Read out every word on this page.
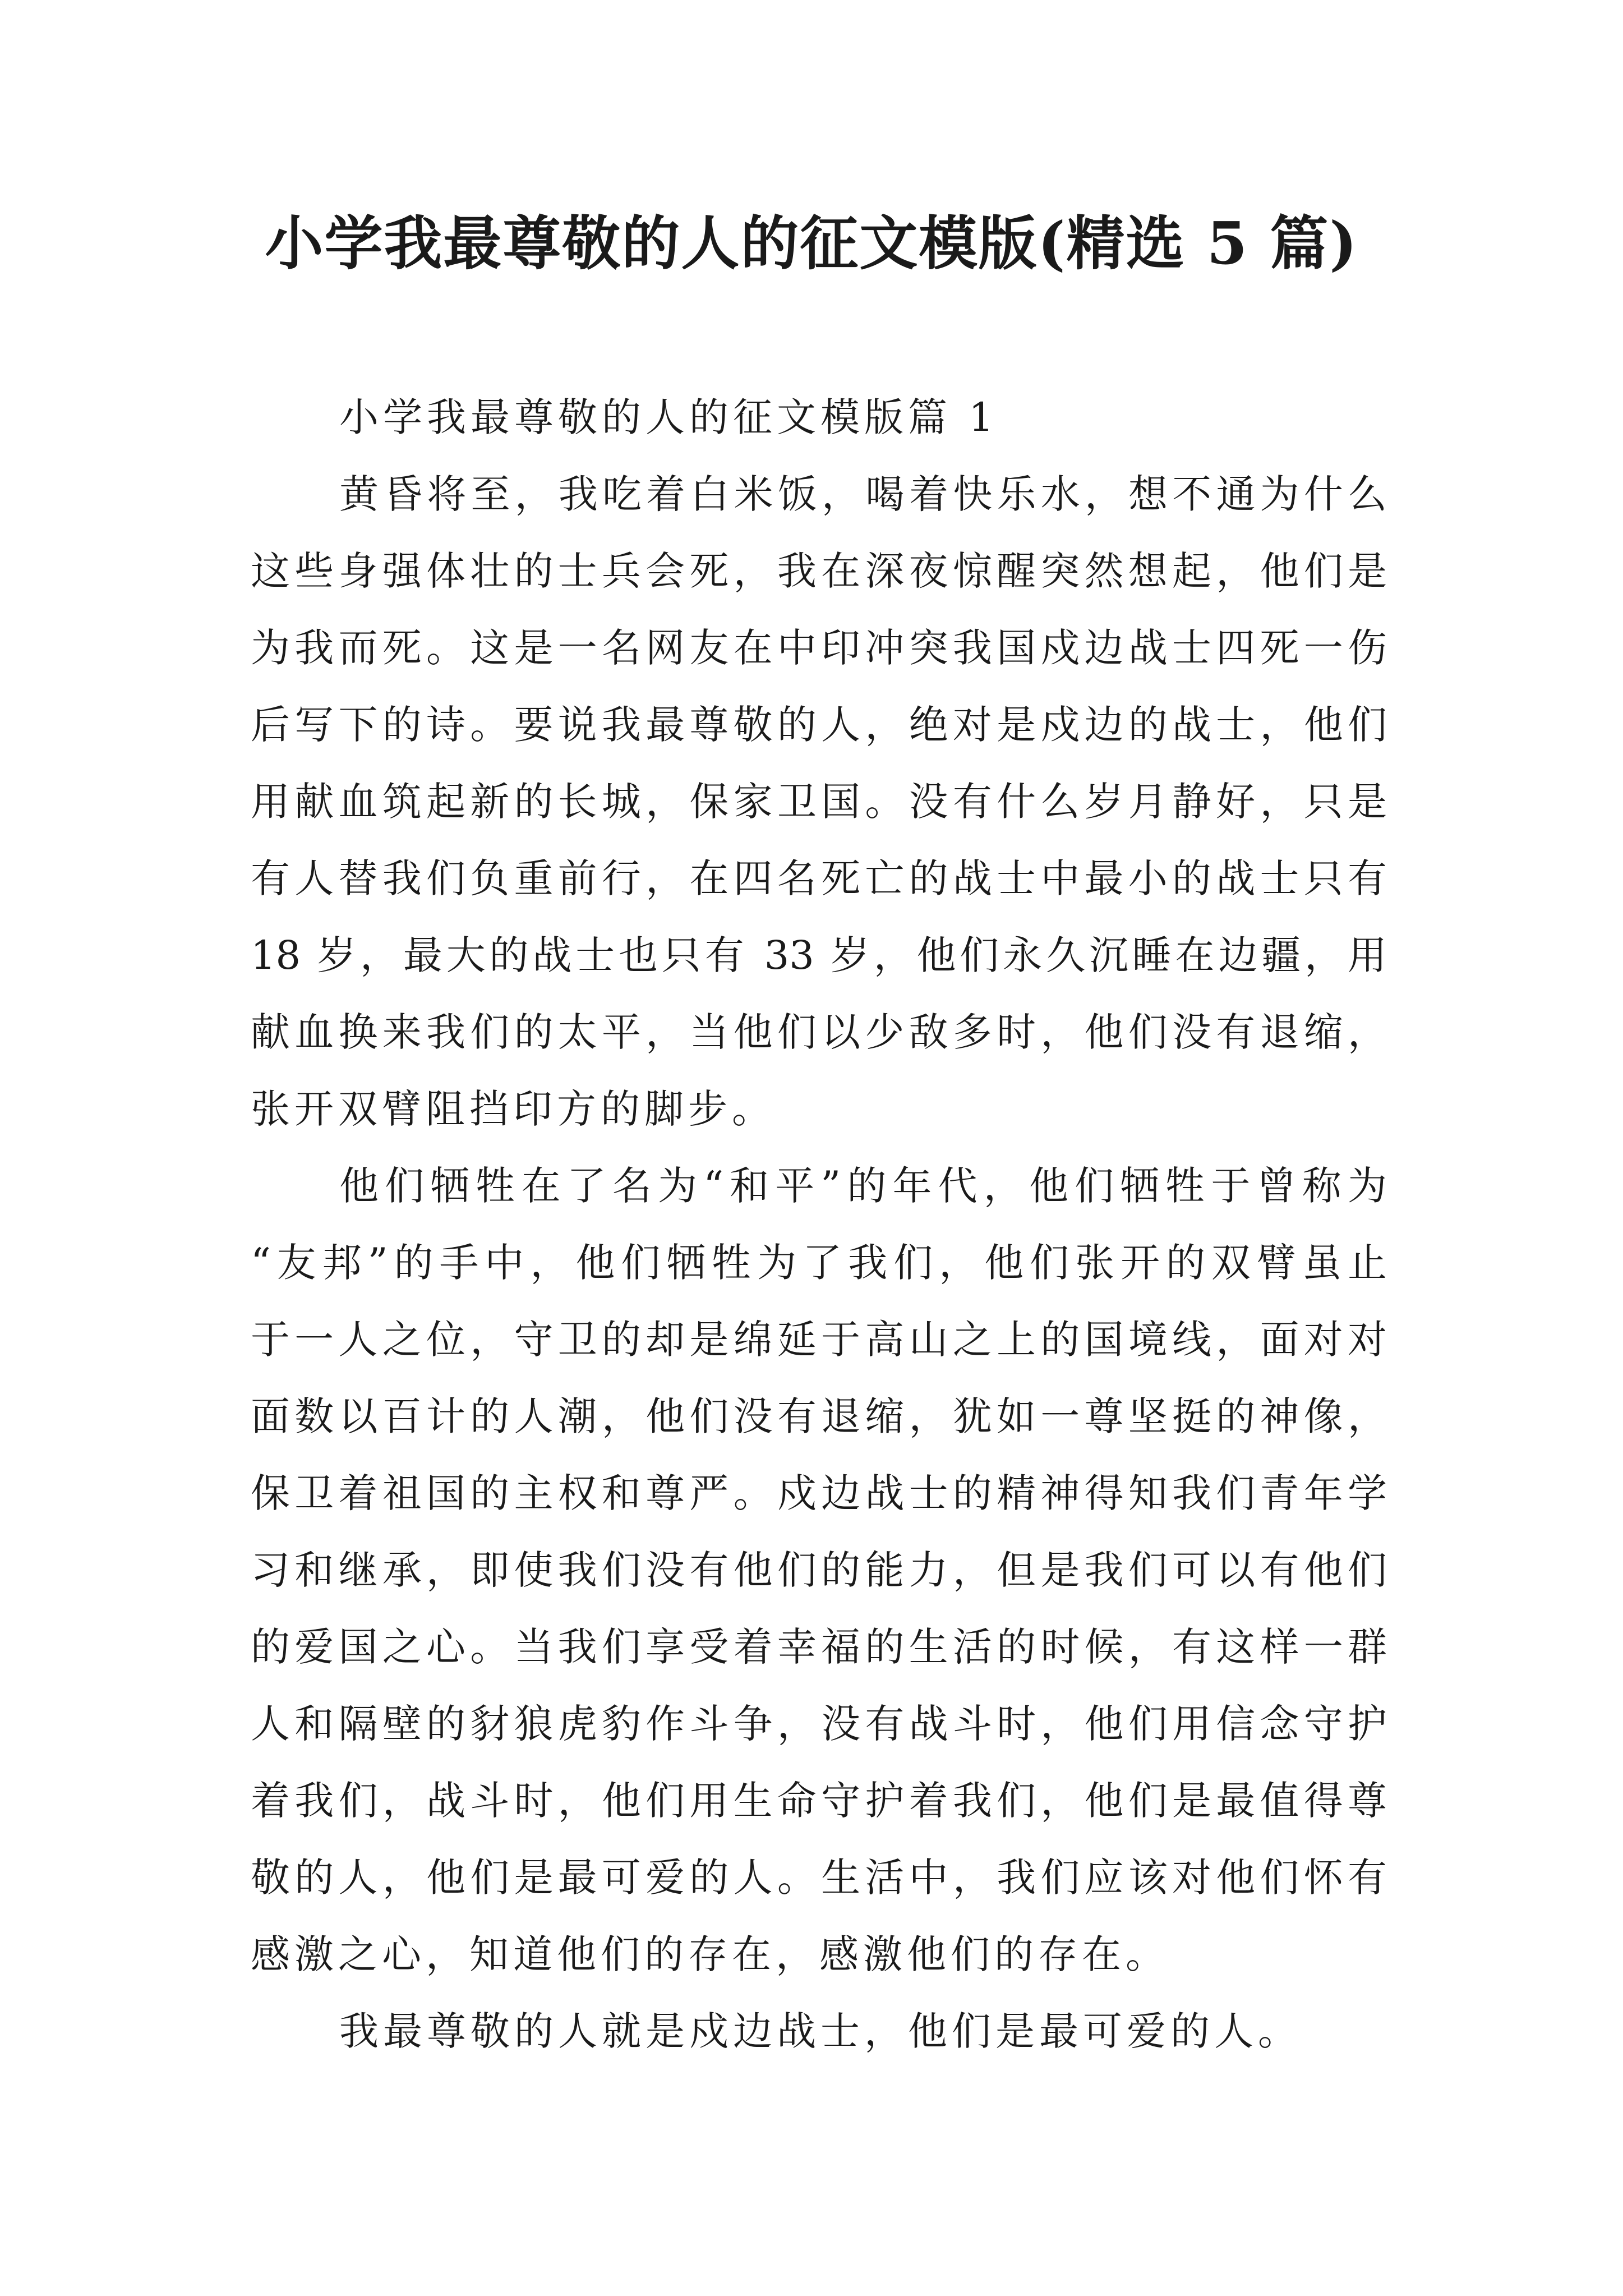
小学我最尊敬的人的征文模版(精选 5 篇)
小学我最尊敬的人的征文模版篇 1
黄昏将至，我吃着白米饭，喝着快乐水，想不通为什么
这些身强体壮的士兵会死，我在深夜惊醒突然想起，他们是
为我而死。这是一名网友在中印冲突我国戍边战士四死一伤
后写下的诗。要说我最尊敬的人，绝对是戍边的战士，他们
用献血筑起新的长城，保家卫国。没有什么岁月静好，只是
有人替我们负重前行，在四名死亡的战士中最小的战士只有
18 岁，最大的战士也只有 33 岁，他们永久沉睡在边疆，用
献血换来我们的太平，当他们以少敌多时，他们没有退缩，
张开双臂阻挡印方的脚步。
他们牺牲在了名为“和平”的年代，他们牺牲于曾称为
“友邦”的手中，他们牺牲为了我们，他们张开的双臂虽止
于一人之位，守卫的却是绵延于高山之上的国境线，面对对
面数以百计的人潮，他们没有退缩，犹如一尊坚挺的神像，
保卫着祖国的主权和尊严。戍边战士的精神得知我们青年学
习和继承，即使我们没有他们的能力，但是我们可以有他们
的爱国之心。当我们享受着幸福的生活的时候，有这样一群
人和隔壁的豺狼虎豹作斗争，没有战斗时，他们用信念守护
着我们，战斗时，他们用生命守护着我们，他们是最值得尊
敬的人，他们是最可爱的人。生活中，我们应该对他们怀有
感激之心，知道他们的存在，感激他们的存在。
我最尊敬的人就是戍边战士，他们是最可爱的人。
